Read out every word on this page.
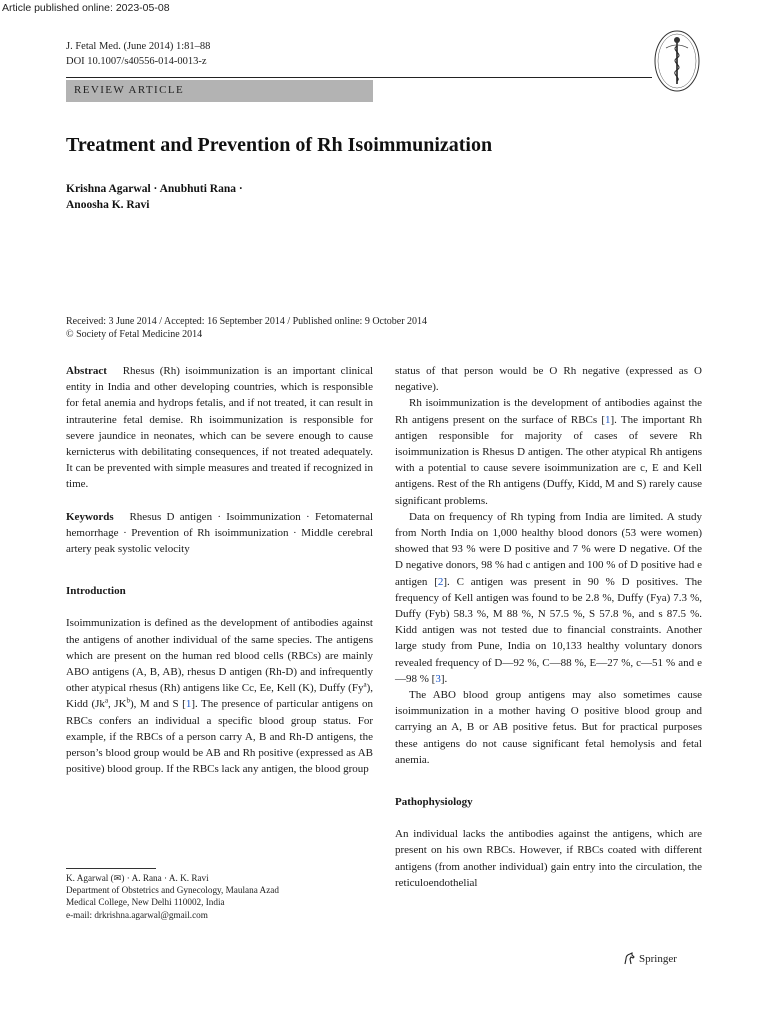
Article published online: 2023-05-08
J. Fetal Med. (June 2014) 1:81–88
DOI 10.1007/s40556-014-0013-z
REVIEW ARTICLE
Treatment and Prevention of Rh Isoimmunization
Krishna Agarwal · Anubhuti Rana ·
Anoosha K. Ravi
Received: 3 June 2014 / Accepted: 16 September 2014 / Published online: 9 October 2014
© Society of Fetal Medicine 2014

Abstract Rhesus (Rh) isoimmunization is an important clinical entity in India and other developing countries, which is responsible for fetal anemia and hydrops fetalis, and if not treated, it can result in intrauterine fetal demise. Rh isoimmunization is responsible for severe jaundice in neonates, which can be severe enough to cause kernicterus with debilitating consequences, if not treated adequately. It can be prevented with simple measures and treated if recognized in time.

Keywords Rhesus D antigen · Isoimmunization · Fetomaternal hemorrhage · Prevention of Rh isoimmunization · Middle cerebral artery peak systolic velocity

Introduction

Isoimmunization is defined as the development of antibodies against the antigens of another individual of the same species. The antigens which are present on the human red blood cells (RBCs) are mainly ABO antigens (A, B, AB), rhesus D antigen (Rh-D) and infrequently other atypical rhesus (Rh) antigens like Cc, Ee, Kell (K), Duffy (Fy$^a$), Kidd (Jk$^a$, $JK^b$), M and S [1]. The presence of particular antigens on RBCs confers an individual a specific blood group status. For example, if the RBCs of a person carry A, B and Rh-D antigens, the person’s blood group would be AB and Rh positive (expressed as AB positive) blood group. If the RBCs lack any antigen, the blood group

status of that person would be O Rh negative (expressed as O negative).

Rh isoimmunization is the development of antibodies against the Rh antigens present on the surface of RBCs [1]. The important Rh antigen responsible for majority of cases of severe Rh isoimmunization is Rhesus D antigen. The other atypical Rh antigens with a potential to cause severe isoimmunization are c, E and Kell antigens. Rest of the Rh antigens (Duffy, Kidd, M and S) rarely cause significant problems.

Data on frequency of Rh typing from India are limited. A study from North India on 1,000 healthy blood donors (53 were women) showed that 93 % were D positive and 7 % were D negative. Of the D negative donors, 98 % had c antigen and 100 % of D positive had e antigen [2]. C antigen was present in 90 % D positives. The frequency of Kell antigen was found to be 2.8 %, Duffy (Fya) 7.3 %, Duffy (Fyb) 58.3 %, M 88 %, N 57.5 %, S 57.8 %, and s 87.5 %. Kidd antigen was not tested due to financial constraints. Another large study from Pune, India on 10,133 healthy voluntary donors revealed frequency of D—92 %, C—88 %, E—27 %, c—51 % and e—98 % [3].

The ABO blood group antigens may also sometimes cause isoimmunization in a mother having O positive blood group and carrying an A, B or AB positive fetus. But for practical purposes these antigens do not cause significant fetal hemolysis and fetal anemia.

Pathophysiology

An individual lacks the antibodies against the antigens, which are present on his own RBCs. However, if RBCs coated with different antigens (from another individual) gain entry into the circulation, the reticuloendothelial

K. Agarwal (✉) · A. Rana · A. K. Ravi
Department of Obstetrics and Gynecology, Maulana Azad
Medical College, New Delhi 110002, India
e-mail: drkrishna.agarwal@gmail.com
Springer
